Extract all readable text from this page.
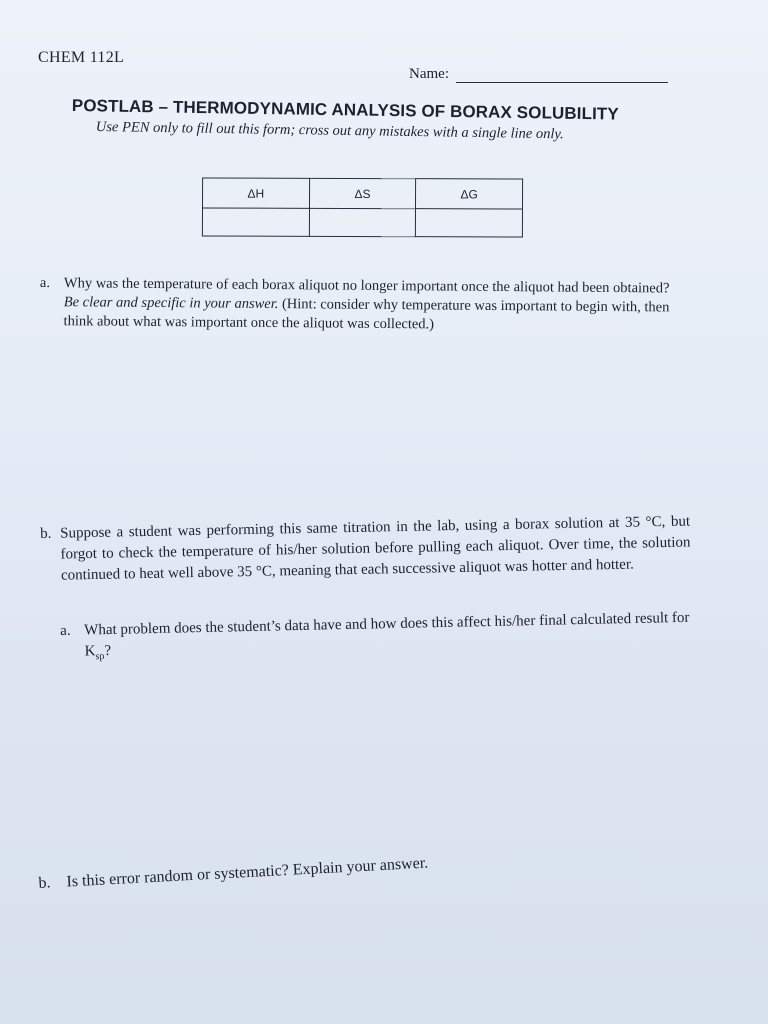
CHEM 112L
Name:
POSTLAB – THERMODYNAMIC ANALYSIS OF BORAX SOLUBILITY
Use PEN only to fill out this form; cross out any mistakes with a single line only.
ΔH	ΔS	ΔG

a. Why was the temperature of each borax aliquot no longer important once the aliquot had been obtained? Be clear and specific in your answer. (Hint: consider why temperature was important to begin with, then think about what was important once the aliquot was collected.)
b. Suppose a student was performing this same titration in the lab, using a borax solution at 35 °C, but forgot to check the temperature of his/her solution before pulling each aliquot. Over time, the solution continued to heat well above 35 °C, meaning that each successive aliquot was hotter and hotter.
a. What problem does the student’s data have and how does this affect his/her final calculated result for $K_{sp}$?
b. Is this error random or systematic? Explain your answer.
